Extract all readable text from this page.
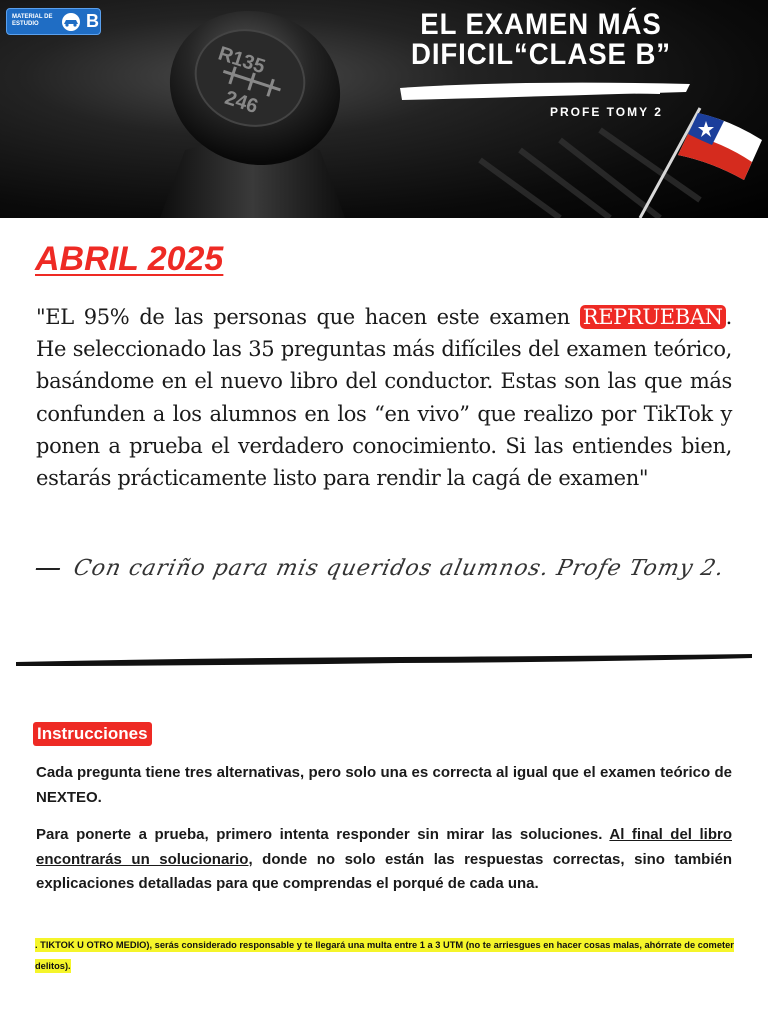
R135
246
MATERIAL DE ESTUDIO	B	EL EXAMEN MÁS
DIFICIL“CLASE B”
PROFE TOMY 2
ABRIL 2025

"EL 95% de las personas que hacen este examen REPRUEBAN . He seleccionado las 35 preguntas más difíciles del examen teórico, basándome en el nuevo libro del conductor. Estas son las que más confunden a los alumnos en los “en vivo” que realizo por TikTok y ponen a prueba el verdadero conocimiento. Si las entiendes bien, estarás prácticamente listo para rendir la cagá de examen"

Con cariño para mis queridos alumnos. Profe Tomy 2.
Instrucciones

Cada pregunta tiene tres alternativas, pero solo una es correcta al igual que el examen teórico de NEXTEO.

Para ponerte a prueba, primero intenta responder sin mirar las soluciones. Al final del libro encontrarás un solucionario, donde no solo están las respuestas correctas, sino también explicaciones detalladas para que comprendas el porqué de cada una.

. TIKTOK U OTRO MEDIO), serás considerado responsable y te llegará una multa entre 1 a 3 UTM (no te arriesgues en hacer cosas malas, ahórrate de cometer delitos).
